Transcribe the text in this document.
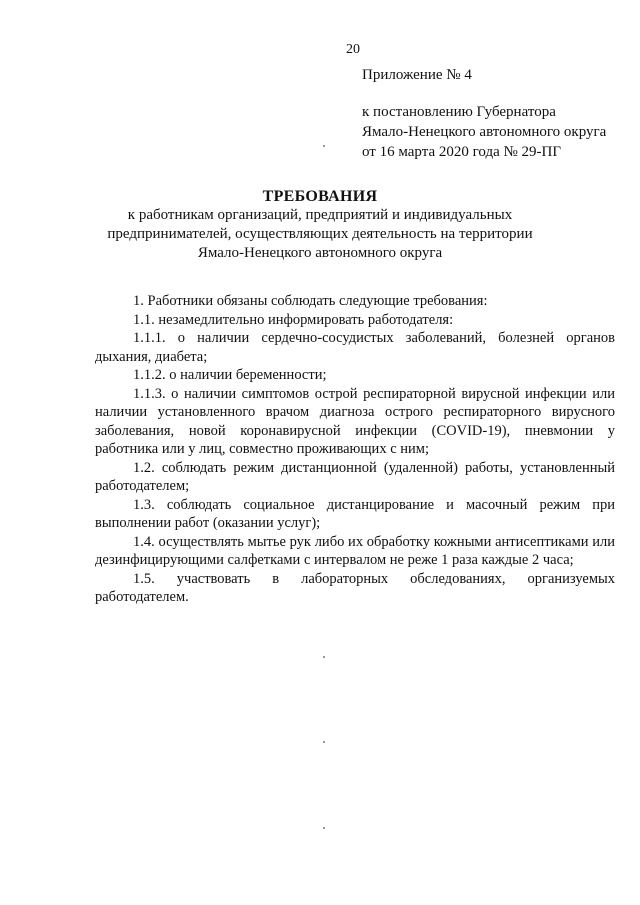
20
Приложение № 4
к постановлению Губернатора
Ямало-Ненецкого автономного округа
от 16 марта 2020 года № 29-ПГ
ТРЕБОВАНИЯ
к работникам организаций, предприятий и индивидуальных
предпринимателей, осуществляющих деятельность на территории
Ямало-Ненецкого автономного округа

1. Работники обязаны соблюдать следующие требования:

1.1. незамедлительно информировать работодателя:

1.1.1. о наличии сердечно-сосудистых заболеваний, болезней органов дыхания, диабета;

1.1.2. о наличии беременности;

1.1.3. о наличии симптомов острой респираторной вирусной инфекции или наличии установленного врачом диагноза острого респираторного вирусного заболевания, новой коронавирусной инфекции (COVID-19), пневмонии у работника или у лиц, совместно проживающих с ним;

1.2. соблюдать режим дистанционной (удаленной) работы, установленный работодателем;

1.3. соблюдать социальное дистанцирование и масочный режим при выполнении работ (оказании услуг);

1.4. осуществлять мытье рук либо их обработку кожными антисептиками или дезинфицирующими салфетками с интервалом не реже 1 раза каждые 2 часа;

1.5. участвовать в лабораторных обследованиях, организуемых работодателем.
